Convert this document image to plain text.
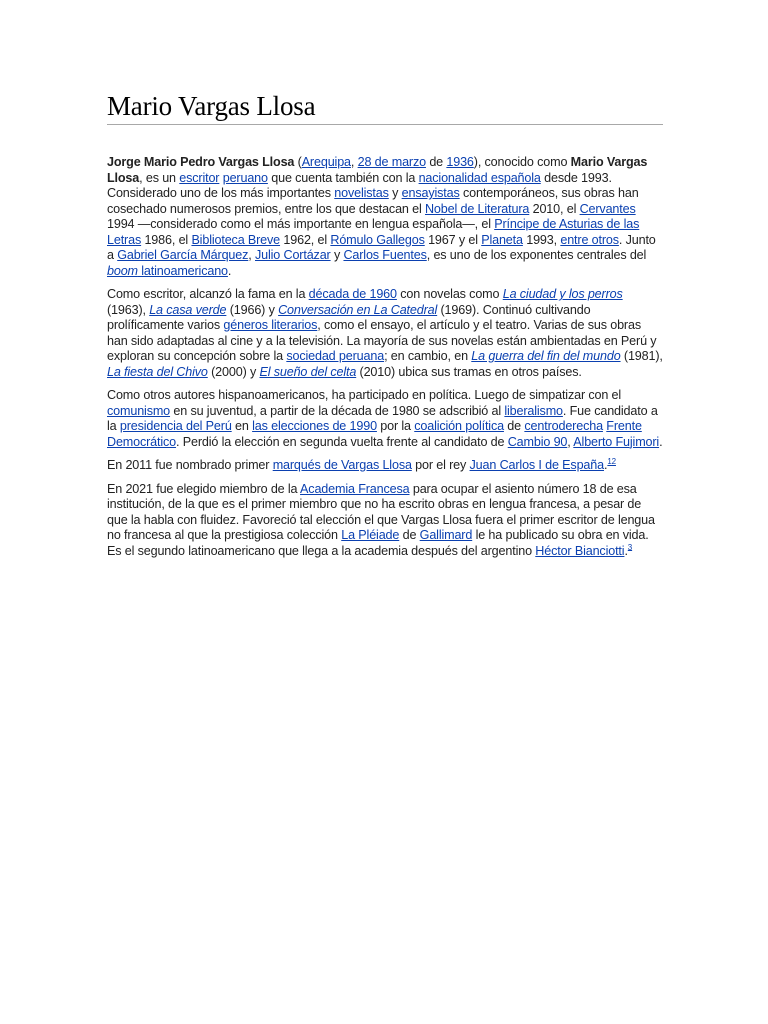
Mario Vargas Llosa

Jorge Mario Pedro Vargas Llosa (Arequipa, 28 de marzo de 1936), conocido como Mario Vargas Llosa, es un escritor peruano que cuenta también con la nacionalidad española desde 1993. Considerado uno de los más importantes novelistas y ensayistas contemporáneos, sus obras han cosechado numerosos premios, entre los que destacan el Nobel de Literatura 2010, el Cervantes 1994 —considerado como el más importante en lengua española—, el Príncipe de Asturias de las Letras 1986, el Biblioteca Breve 1962, el Rómulo Gallegos 1967 y el Planeta 1993, entre otros. Junto a Gabriel García Márquez, Julio Cortázar y Carlos Fuentes, es uno de los exponentes centrales del boom latinoamericano.

Como escritor, alcanzó la fama en la década de 1960 con novelas como La ciudad y los perros (1963), La casa verde (1966) y Conversación en La Catedral (1969). Continuó cultivando prolíficamente varios géneros literarios, como el ensayo, el artículo y el teatro. Varias de sus obras han sido adaptadas al cine y a la televisión. La mayoría de sus novelas están ambientadas en Perú y exploran su concepción sobre la sociedad peruana; en cambio, en La guerra del fin del mundo (1981), La fiesta del Chivo (2000) y El sueño del celta (2010) ubica sus tramas en otros países.

Como otros autores hispanoamericanos, ha participado en política. Luego de simpatizar con el comunismo en su juventud, a partir de la década de 1980 se adscribió al liberalismo. Fue candidato a la presidencia del Perú en las elecciones de 1990 por la coalición política de centroderecha Frente Democrático. Perdió la elección en segunda vuelta frente al candidato de Cambio 90, Alberto Fujimori.

En 2011 fue nombrado primer marqués de Vargas Llosa por el rey Juan Carlos I de España.$^{12}$

En 2021 fue elegido miembro de la Academia Francesa para ocupar el asiento número 18 de esa institución, de la que es el primer miembro que no ha escrito obras en lengua francesa, a pesar de que la habla con fluidez. Favoreció tal elección el que Vargas Llosa fuera el primer escritor de lengua no francesa al que la prestigiosa colección La Pléiade de Gallimard le ha publicado su obra en vida. Es el segundo latinoamericano que llega a la academia después del argentino Héctor Bianciotti.$^3$
